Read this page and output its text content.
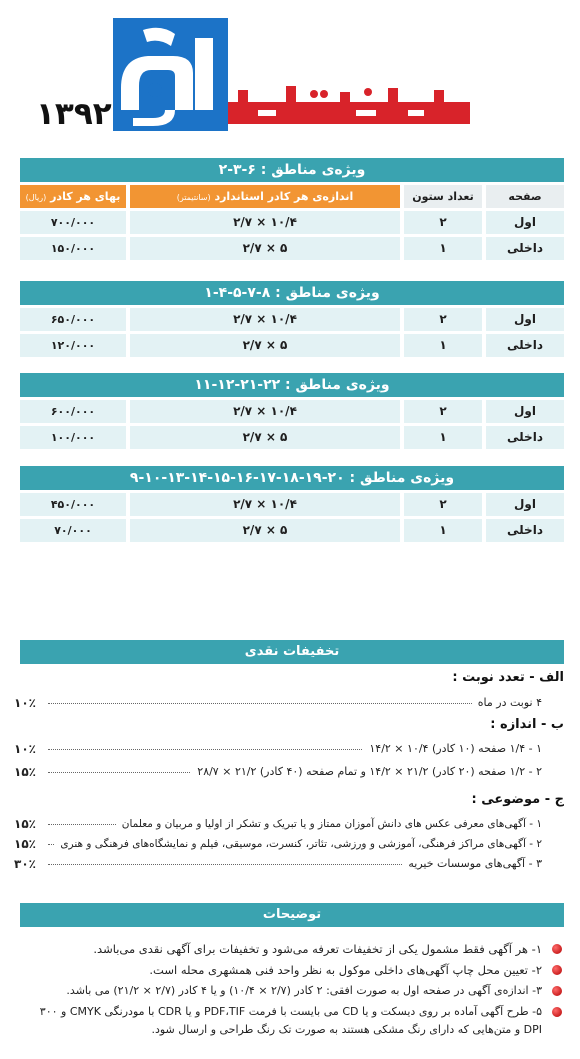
۱۳۹۲
ویژه‌ی مناطق : ۶-۳-۲
صفحه
تعداد ستون
اندازه‌ی هر کادر استاندارد (سانتیمتر)
بهای هر کادر (ریال)
اول
۲
۲/۷ × ۱۰/۴
۷۰۰/۰۰۰
داخلی
۱
۲/۷ × ۵
۱۵۰/۰۰۰
ویژه‌ی مناطق : ۸-۷-۵-۴-۱
اول
۲
۲/۷ × ۱۰/۴
۶۵۰/۰۰۰
داخلی
۱
۲/۷ × ۵
۱۲۰/۰۰۰
ویژه‌ی مناطق : ۲۲-۲۱-۱۲-۱۱
اول
۲
۲/۷ × ۱۰/۴
۶۰۰/۰۰۰
داخلی
۱
۲/۷ × ۵
۱۰۰/۰۰۰
ویژه‌ی مناطق : ۲۰-۱۹-۱۸-۱۷-۱۶-۱۵-۱۴-۱۳-۱۰-۹
اول
۲
۲/۷ × ۱۰/۴
۴۵۰/۰۰۰
داخلی
۱
۲/۷ × ۵
۷۰/۰۰۰
تخفیفات نقدی
الف - تعدد نوبت :
۴ نوبت در ماه
۱۰٪
ب - اندازه :
۱ - ۱/۴ صفحه (۱۰ کادر) ۱۰/۴ × ۱۴/۲
۱۰٪
۲ - ۱/۲ صفحه (۲۰ کادر) ۲۱/۲ × ۱۴/۲ و تمام صفحه (۴۰ کادر) ۲۱/۲ × ۲۸/۷
۱۵٪
ج - موضوعی :
۱ - آگهی‌های معرفی عکس های دانش آموزان ممتاز و یا تبریک و تشکر از اولیا و مربیان و معلمان
۱۵٪
۲ - آگهی‌های مراکز فرهنگی، آموزشی و ورزشی، تئاتر، کنسرت، موسیقی، فیلم و نمایشگاه‌های فرهنگی و هنری
۱۵٪
۳ - آگهی‌های موسسات خیریه
۳۰٪
توضیحات
۱- هر آگهی فقط مشمول یکی از تخفیفات تعرفه می‌شود و تخفیفات برای آگهی نقدی می‌باشد.
۲- تعیین محل چاپ آگهی‌های داخلی موکول به نظر واحد فنی همشهری محله است.
۳- اندازه‌ی آگهی در صفحه اول به صورت افقی: ۲ کادر (۲/۷ × ۱۰/۴) و یا ۴ کادر (۲/۷ × ۲۱/۲) می باشد.
۵- طرح آگهی آماده بر روی دیسکت و یا CD می بایست با فرمت PDF،TIF و یا CDR با مودرنگی CMYK و ۳۰۰ DPI و متن‌هایی که دارای رنگ مشکی هستند به صورت تک رنگ طراحی و ارسال شود.
